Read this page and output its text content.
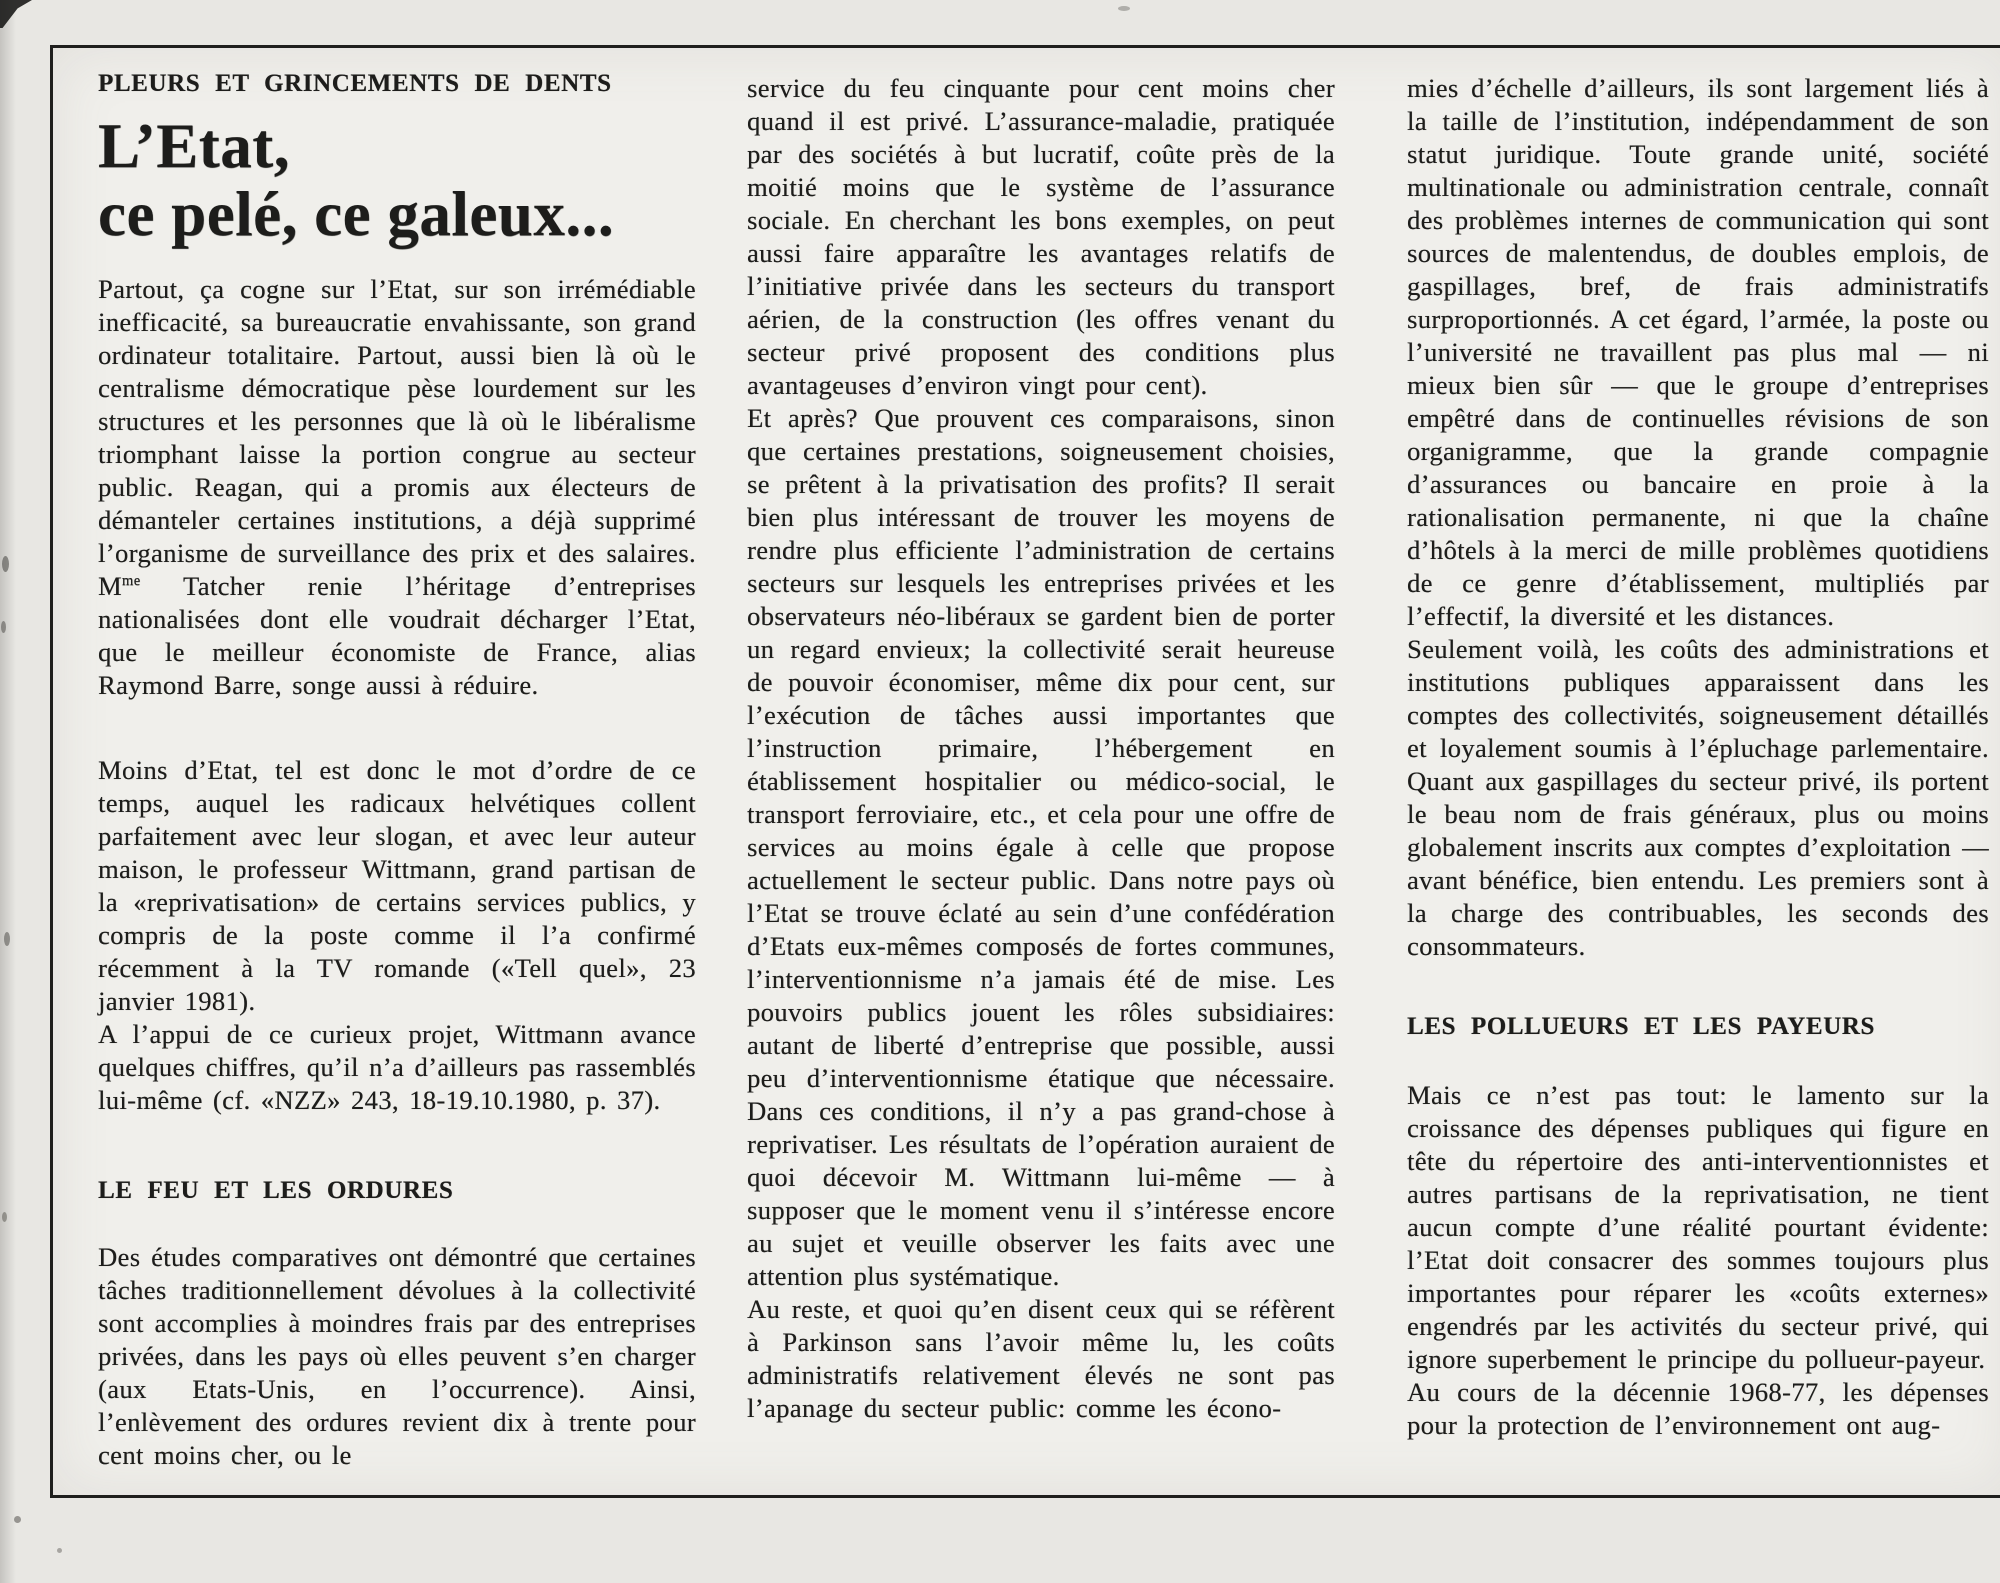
PLEURS ET GRINCEMENTS DE DENTS
L’Etat,
ce pelé, ce galeux...

Partout, ça cogne sur l’Etat, sur son irrémédiable inefficacité, sa bureaucratie envahissante, son grand ordinateur totalitaire. Partout, aussi bien là où le centralisme démocratique pèse lourdement sur les structures et les personnes que là où le libéralisme triomphant laisse la portion congrue au secteur public. Reagan, qui a promis aux électeurs de démanteler certaines institutions, a déjà supprimé l’organisme de surveillance des prix et des salaires. $M^{me}$ Tatcher renie l’héritage d’entreprises nationalisées dont elle voudrait décharger l’Etat, que le meilleur économiste de France, alias Raymond Barre, songe aussi à réduire.

Moins d’Etat, tel est donc le mot d’ordre de ce temps, auquel les radicaux helvétiques collent parfaitement avec leur slogan, et avec leur auteur maison, le professeur Wittmann, grand partisan de la «reprivatisation» de certains services publics, y compris de la poste comme il l’a confirmé récemment à la TV romande («Tell quel», 23 janvier 1981).

A l’appui de ce curieux projet, Wittmann avance quelques chiffres, qu’il n’a d’ailleurs pas rassemblés lui-même (cf. «NZZ» 243, 18-19.10.1980, p. 37).

LE FEU ET LES ORDURES

Des études comparatives ont démontré que certaines tâches traditionnellement dévolues à la collectivité sont accomplies à moindres frais par des entreprises privées, dans les pays où elles peuvent s’en charger (aux Etats-Unis, en l’occurrence). Ainsi, l’enlèvement des ordures revient dix à trente pour cent moins cher, ou le

service du feu cinquante pour cent moins cher quand il est privé. L’assurance-maladie, pratiquée par des sociétés à but lucratif, coûte près de la moitié moins que le système de l’assurance sociale. En cherchant les bons exemples, on peut aussi faire apparaître les avantages relatifs de l’initiative privée dans les secteurs du transport aérien, de la construction (les offres venant du secteur privé proposent des conditions plus avantageuses d’environ vingt pour cent).

Et après? Que prouvent ces comparaisons, sinon que certaines prestations, soigneusement choisies, se prêtent à la privatisation des profits? Il serait bien plus intéressant de trouver les moyens de rendre plus efficiente l’administration de certains secteurs sur lesquels les entreprises privées et les observateurs néo-libéraux se gardent bien de porter un regard envieux; la collectivité serait heureuse de pouvoir économiser, même dix pour cent, sur l’exécution de tâches aussi importantes que l’instruction primaire, l’hébergement en établissement hospitalier ou médico-social, le transport ferroviaire, etc., et cela pour une offre de services au moins égale à celle que propose actuellement le secteur public. Dans notre pays où l’Etat se trouve éclaté au sein d’une confédération d’Etats eux-mêmes composés de fortes communes, l’interventionnisme n’a jamais été de mise. Les pouvoirs publics jouent les rôles subsidiaires: autant de liberté d’entreprise que possible, aussi peu d’interventionnisme étatique que nécessaire. Dans ces conditions, il n’y a pas grand-chose à reprivatiser. Les résultats de l’opération auraient de quoi décevoir M. Wittmann lui-même — à supposer que le moment venu il s’intéresse encore au sujet et veuille observer les faits avec une attention plus systématique.

Au reste, et quoi qu’en disent ceux qui se réfèrent à Parkinson sans l’avoir même lu, les coûts administratifs relativement élevés ne sont pas l’apanage du secteur public: comme les écono-

mies d’échelle d’ailleurs, ils sont largement liés à la taille de l’institution, indépendamment de son statut juridique. Toute grande unité, société multinationale ou administration centrale, connaît des problèmes internes de communication qui sont sources de malentendus, de doubles emplois, de gaspillages, bref, de frais administratifs surproportionnés. A cet égard, l’armée, la poste ou l’université ne travaillent pas plus mal — ni mieux bien sûr — que le groupe d’entreprises empêtré dans de continuelles révisions de son organigramme, que la grande compagnie d’assurances ou bancaire en proie à la rationalisation permanente, ni que la chaîne d’hôtels à la merci de mille problèmes quotidiens de ce genre d’établissement, multipliés par l’effectif, la diversité et les distances.

Seulement voilà, les coûts des administrations et institutions publiques apparaissent dans les comptes des collectivités, soigneusement détaillés et loyalement soumis à l’épluchage parlementaire. Quant aux gaspillages du secteur privé, ils portent le beau nom de frais généraux, plus ou moins globalement inscrits aux comptes d’exploitation — avant bénéfice, bien entendu. Les premiers sont à la charge des contribuables, les seconds des consommateurs.

LES POLLUEURS ET LES PAYEURS

Mais ce n’est pas tout: le lamento sur la croissance des dépenses publiques qui figure en tête du répertoire des anti-interventionnistes et autres partisans de la reprivatisation, ne tient aucun compte d’une réalité pourtant évidente: l’Etat doit consacrer des sommes toujours plus importantes pour réparer les «coûts externes» engendrés par les activités du secteur privé, qui ignore superbement le principe du pollueur-payeur.

Au cours de la décennie 1968-77, les dépenses pour la protection de l’environnement ont aug-
